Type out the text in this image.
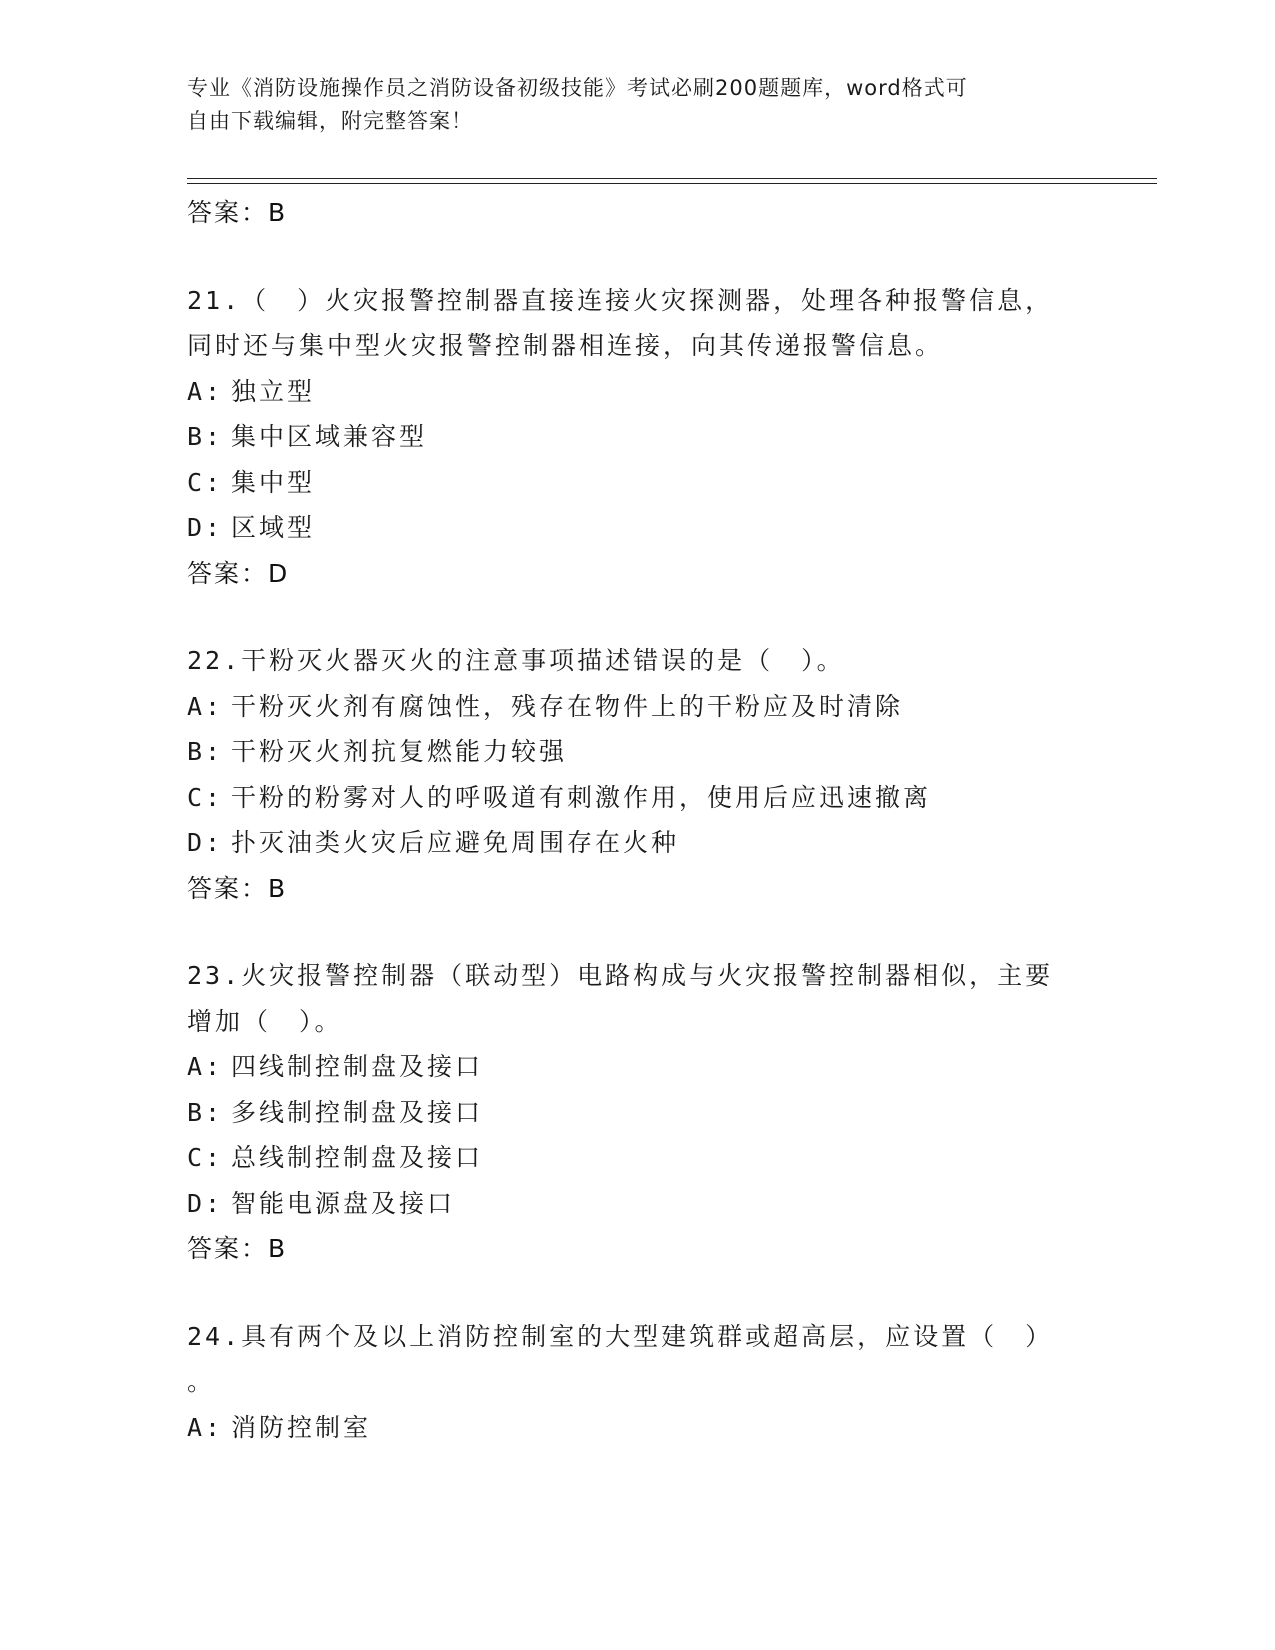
专业《消防设施操作员之消防设备初级技能》考试必刷200题题库，word格式可
自由下载编辑，附完整答案！
答案：B
21.（　）火灾报警控制器直接连接火灾探测器，处理各种报警信息，
同时还与集中型火灾报警控制器相连接，向其传递报警信息。
A: 独立型
B: 集中区域兼容型
C: 集中型
D: 区域型
答案：D
22.干粉灭火器灭火的注意事项描述错误的是（　）。
A: 干粉灭火剂有腐蚀性，残存在物件上的干粉应及时清除
B: 干粉灭火剂抗复燃能力较强
C: 干粉的粉雾对人的呼吸道有刺激作用，使用后应迅速撤离
D: 扑灭油类火灾后应避免周围存在火种
答案：B
23.火灾报警控制器（联动型）电路构成与火灾报警控制器相似，主要
增加（　）。
A: 四线制控制盘及接口
B: 多线制控制盘及接口
C: 总线制控制盘及接口
D: 智能电源盘及接口
答案：B
24.具有两个及以上消防控制室的大型建筑群或超高层，应设置（　）
。
A: 消防控制室
